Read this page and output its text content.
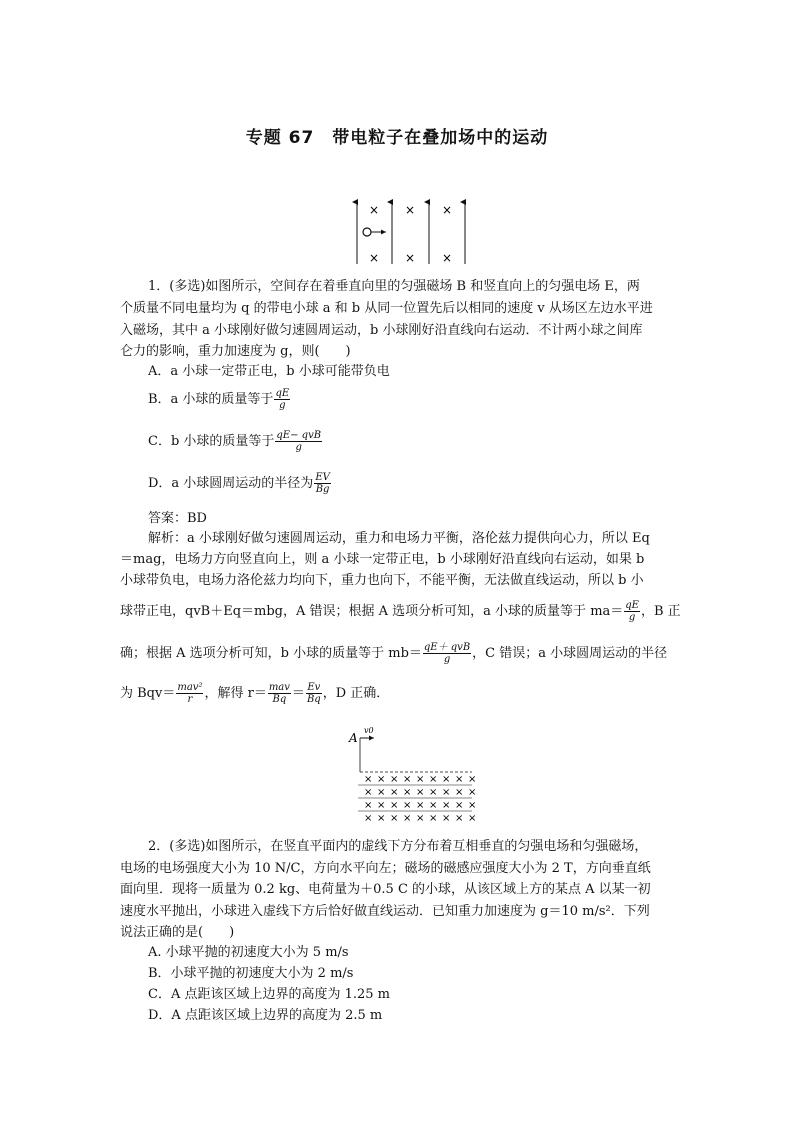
专题 67　带电粒子在叠加场中的运动
× × ×
× × ×
1．(多选)如图所示，空间存在着垂直向里的匀强磁场 B 和竖直向上的匀强电场 E，两
个质量不同电量均为 q 的带电小球 a 和 b 从同一位置先后以相同的速度 v 从场区左边水平进
入磁场，其中 a 小球刚好做匀速圆周运动，b 小球刚好沿直线向右运动．不计两小球之间库
仑力的影响，重力加速度为 g，则(　　)
A．a 小球一定带正电，b 小球可能带负电
B．a 小球的质量等于 $\frac{qE}{g}$
C．b 小球的质量等于 $\frac{\text{qE− qvB}}{g}$
D．a 小球圆周运动的半径为 $\frac{EV}{Bg}$
答案：BD
解析：a 小球刚好做匀速圆周运动，重力和电场力平衡，洛伦兹力提供向心力，所以 Eq
＝mag，电场力方向竖直向上，则 a 小球一定带正电，b 小球刚好沿直线向右运动，如果 b
小球带负电，电场力洛伦兹力均向下，重力也向下，不能平衡，无法做直线运动，所以 b 小
球带正电，qvB＋Eq＝mbg，A 错误；根据 A 选项分析可知，a 小球的质量等于 $ma= \frac{qE}{g}$ ，B 正
确；根据 A 选项分析可知，b 小球的质量等于 $mb= \frac{\text{qE＋ qvB}}{g}$ ，C 错误；a 小球圆周运动的半径
为 $Bqv= \frac{\text{mav²}}{r}$ ，解得 $r= \frac{\text{mav}}{Bq} = \frac{Ev}{Bq}$ ，D 正确．
A
v0
× × × × × × × × ×
× × × × × × × × ×
× × × × × × × × ×
× × × × × × × × ×
2．(多选)如图所示，在竖直平面内的虚线下方分布着互相垂直的匀强电场和匀强磁场，
电场的电场强度大小为 10 N/C，方向水平向左；磁场的磁感应强度大小为 2 T，方向垂直纸
面向里．现将一质量为 0.2 kg、电荷量为＋0.5 C 的小球，从该区域上方的某点 A 以某一初
速度水平抛出，小球进入虚线下方后恰好做直线运动．已知重力加速度为 g＝10 m/s²．下列
说法正确的是(　　)
A. 小球平抛的初速度大小为 5 m/s
B．小球平抛的初速度大小为 2 m/s
C．A 点距该区域上边界的高度为 1.25 m
D．A 点距该区域上边界的高度为 2.5 m
